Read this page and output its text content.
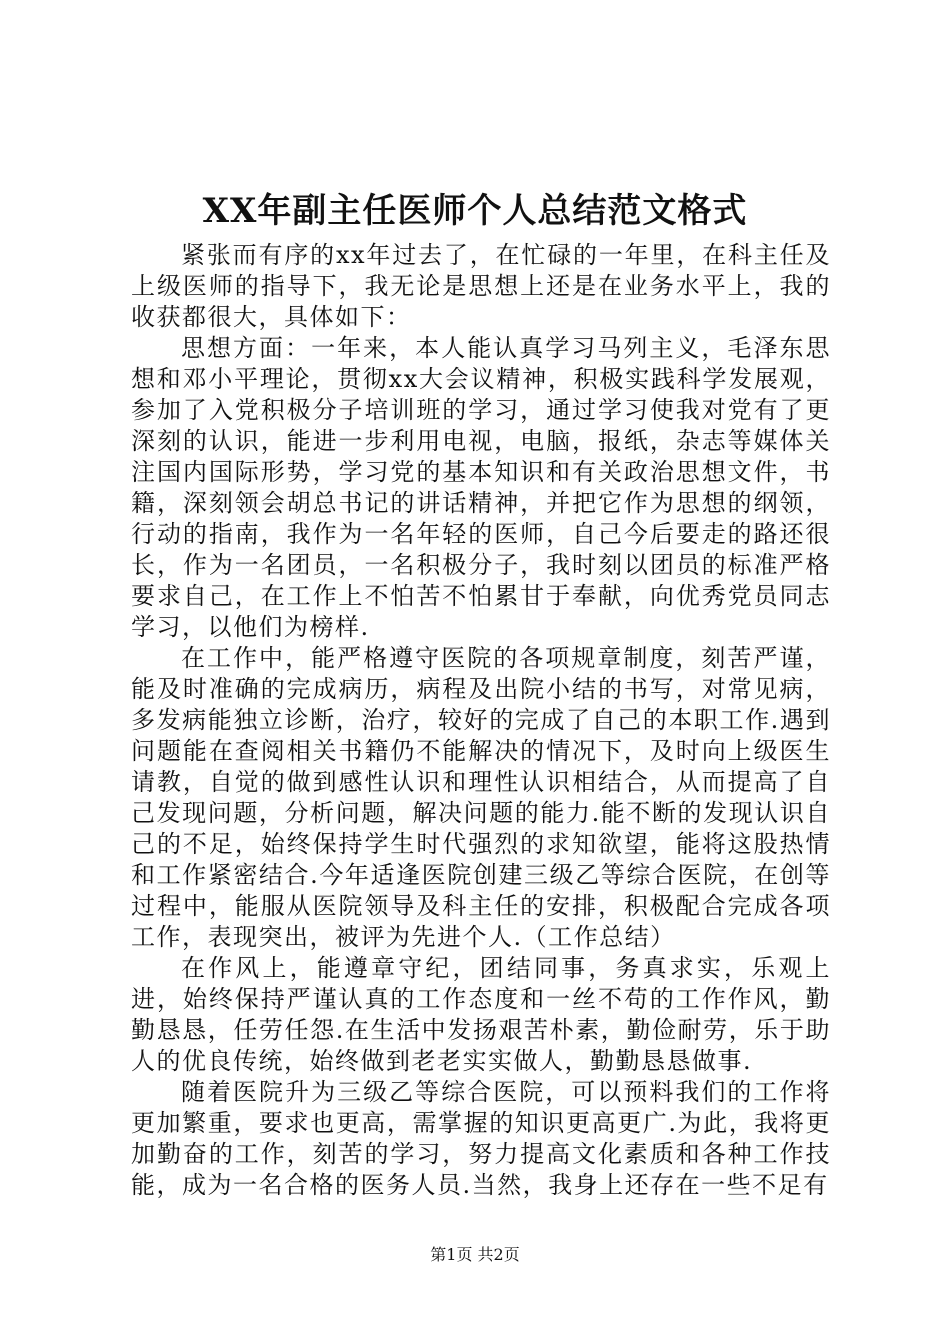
XX年副主任医师个人总结范文格式

紧张而有序的xx年过去了，在忙碌的一年里，在科主任及上级医师的指导下，我无论是思想上还是在业务水平上，我的收获都很大，具体如下：

思想方面：一年来，本人能认真学习马列主义，毛泽东思想和邓小平理论，贯彻xx大会议精神，积极实践科学发展观，参加了入党积极分子培训班的学习，通过学习使我对党有了更深刻的认识，能进一步利用电视，电脑，报纸，杂志等媒体关注国内国际形势，学习党的基本知识和有关政治思想文件，书籍，深刻领会胡总书记的讲话精神，并把它作为思想的纲领，行动的指南，我作为一名年轻的医师，自己今后要走的路还很长，作为一名团员，一名积极分子，我时刻以团员的标准严格要求自己，在工作上不怕苦不怕累甘于奉献，向优秀党员同志学习，以他们为榜样.

在工作中，能严格遵守医院的各项规章制度，刻苦严谨，能及时准确的完成病历，病程及出院小结的书写，对常见病，多发病能独立诊断，治疗，较好的完成了自己的本职工作.遇到问题能在查阅相关书籍仍不能解决的情况下，及时向上级医生请教，自觉的做到感性认识和理性认识相结合，从而提高了自己发现问题，分析问题，解决问题的能力.能不断的发现认识自己的不足，始终保持学生时代强烈的求知欲望，能将这股热情和工作紧密结合.今年适逢医院创建三级乙等综合医院，在创等过程中，能服从医院领导及科主任的安排，积极配合完成各项工作，表现突出，被评为先进个人.（工作总结）

在作风上，能遵章守纪，团结同事，务真求实，乐观上进，始终保持严谨认真的工作态度和一丝不苟的工作作风，勤勤恳恳，任劳任怨.在生活中发扬艰苦朴素，勤俭耐劳，乐于助人的优良传统，始终做到老老实实做人，勤勤恳恳做事.

随着医院升为三级乙等综合医院，可以预料我们的工作将更加繁重，要求也更高，需掌握的知识更高更广.为此，我将更加勤奋的工作，刻苦的学习，努力提高文化素质和各种工作技能，成为一名合格的医务人员.当然，我身上还存在一些不足有

第1页 共2页
